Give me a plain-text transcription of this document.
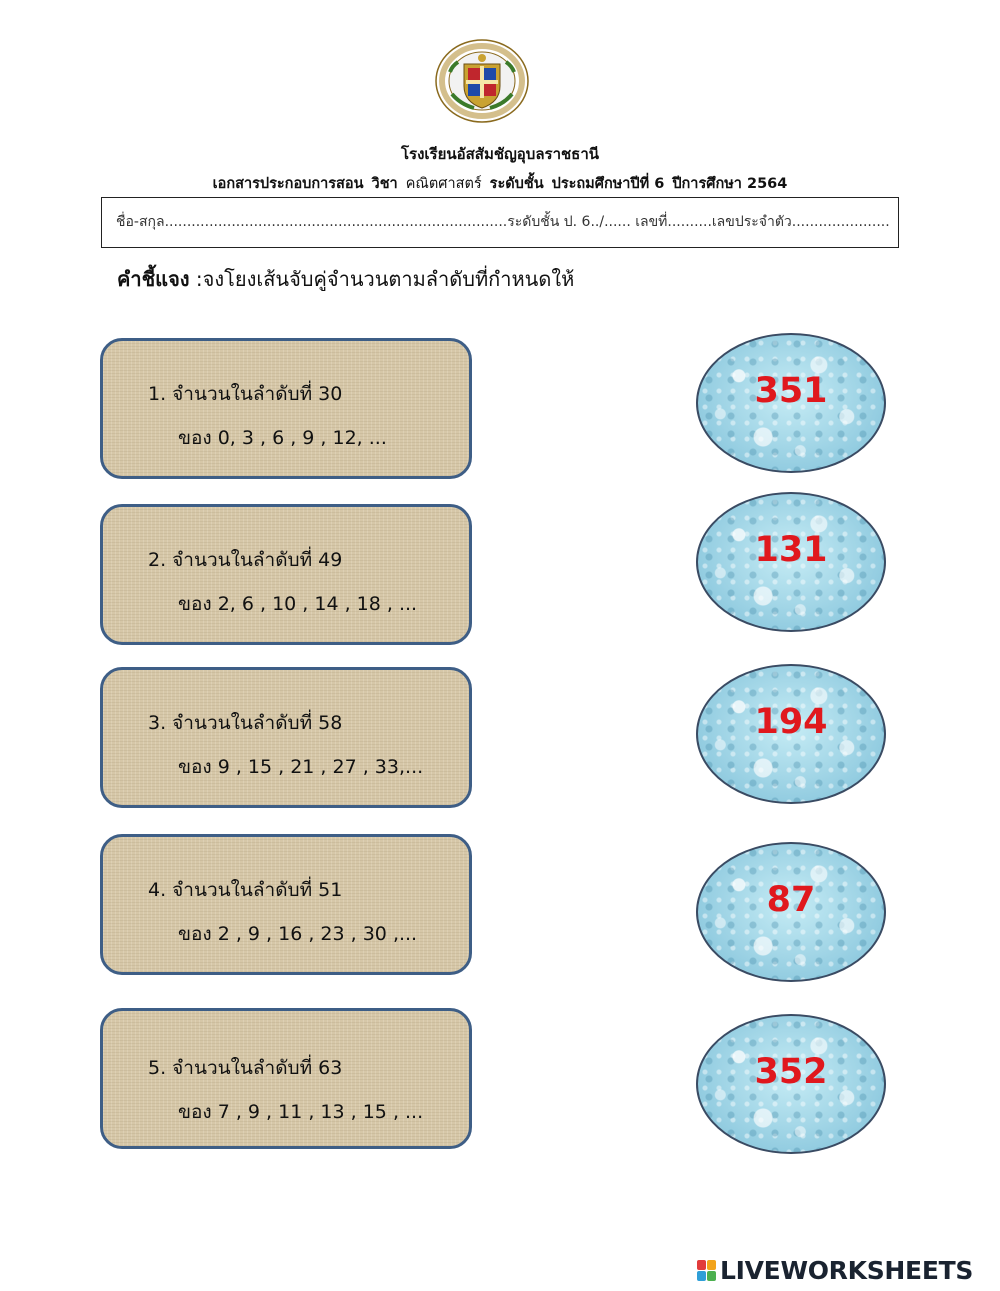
โรงเรียนอัสสัมชัญอุบลราชธานี
เอกสารประกอบการสอน วิชา คณิตศาสตร์ ระดับชั้น ประถมศึกษาปีที่ 6 ปีการศึกษา 2564
ชื่อ-สกุล.............................................................................ระดับชั้น ป. 6../...... เลขที่..........เลขประจำตัว......................
คำชี้แจง :จงโยงเส้นจับคู่จำนวนตามลำดับที่กำหนดให้
1. จำนวนในลำดับที่ 30
ของ 0, 3 , 6 , 9 , 12, ...
2. จำนวนในลำดับที่ 49
ของ 2, 6 , 10 , 14 , 18 , ...
3. จำนวนในลำดับที่ 58
ของ 9 , 15 , 21 , 27 , 33,...
4. จำนวนในลำดับที่ 51
ของ 2 , 9 , 16 , 23 , 30 ,...
5. จำนวนในลำดับที่ 63
ของ 7 , 9 , 11 , 13 , 15 , ...
351
131
194
87
352
LIVEWORKSHEETS
